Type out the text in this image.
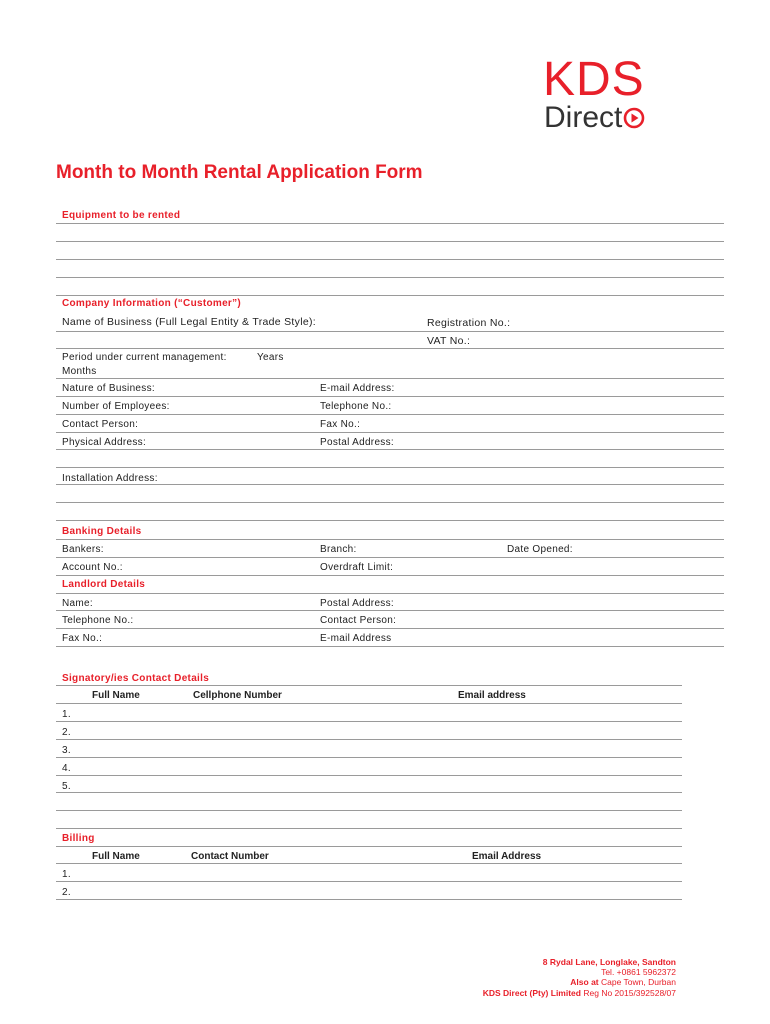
KDS
Direct
Month to Month Rental Application Form
Equipment to be rented
Company Information (“Customer”)
Name of Business (Full Legal Entity & Trade Style):	Registration No.:
VAT No.:
Period under current management:	Years
Months
Nature of Business:	E-mail Address:
Number of Employees:	Telephone No.:
Contact Person:	Fax No.:
Physical Address:	Postal Address:
Installation Address:
Banking Details
Bankers:	Branch:	Date Opened:
Account No.:	Overdraft Limit:
Landlord Details
Name:	Postal Address:
Telephone No.:	Contact Person:
Fax No.:	E-mail Address
Signatory/ies Contact Details
Full Name	Cellphone Number	Email address
1.
2.
3.
4.
5.
Billing
Full Name	Contact Number	Email Address
1.
2.
8 Rydal Lane, Longlake, Sandton
Tel. +0861 5962372
Also at Cape Town, Durban
KDS Direct (Pty) Limited Reg No 2015/392528/07
